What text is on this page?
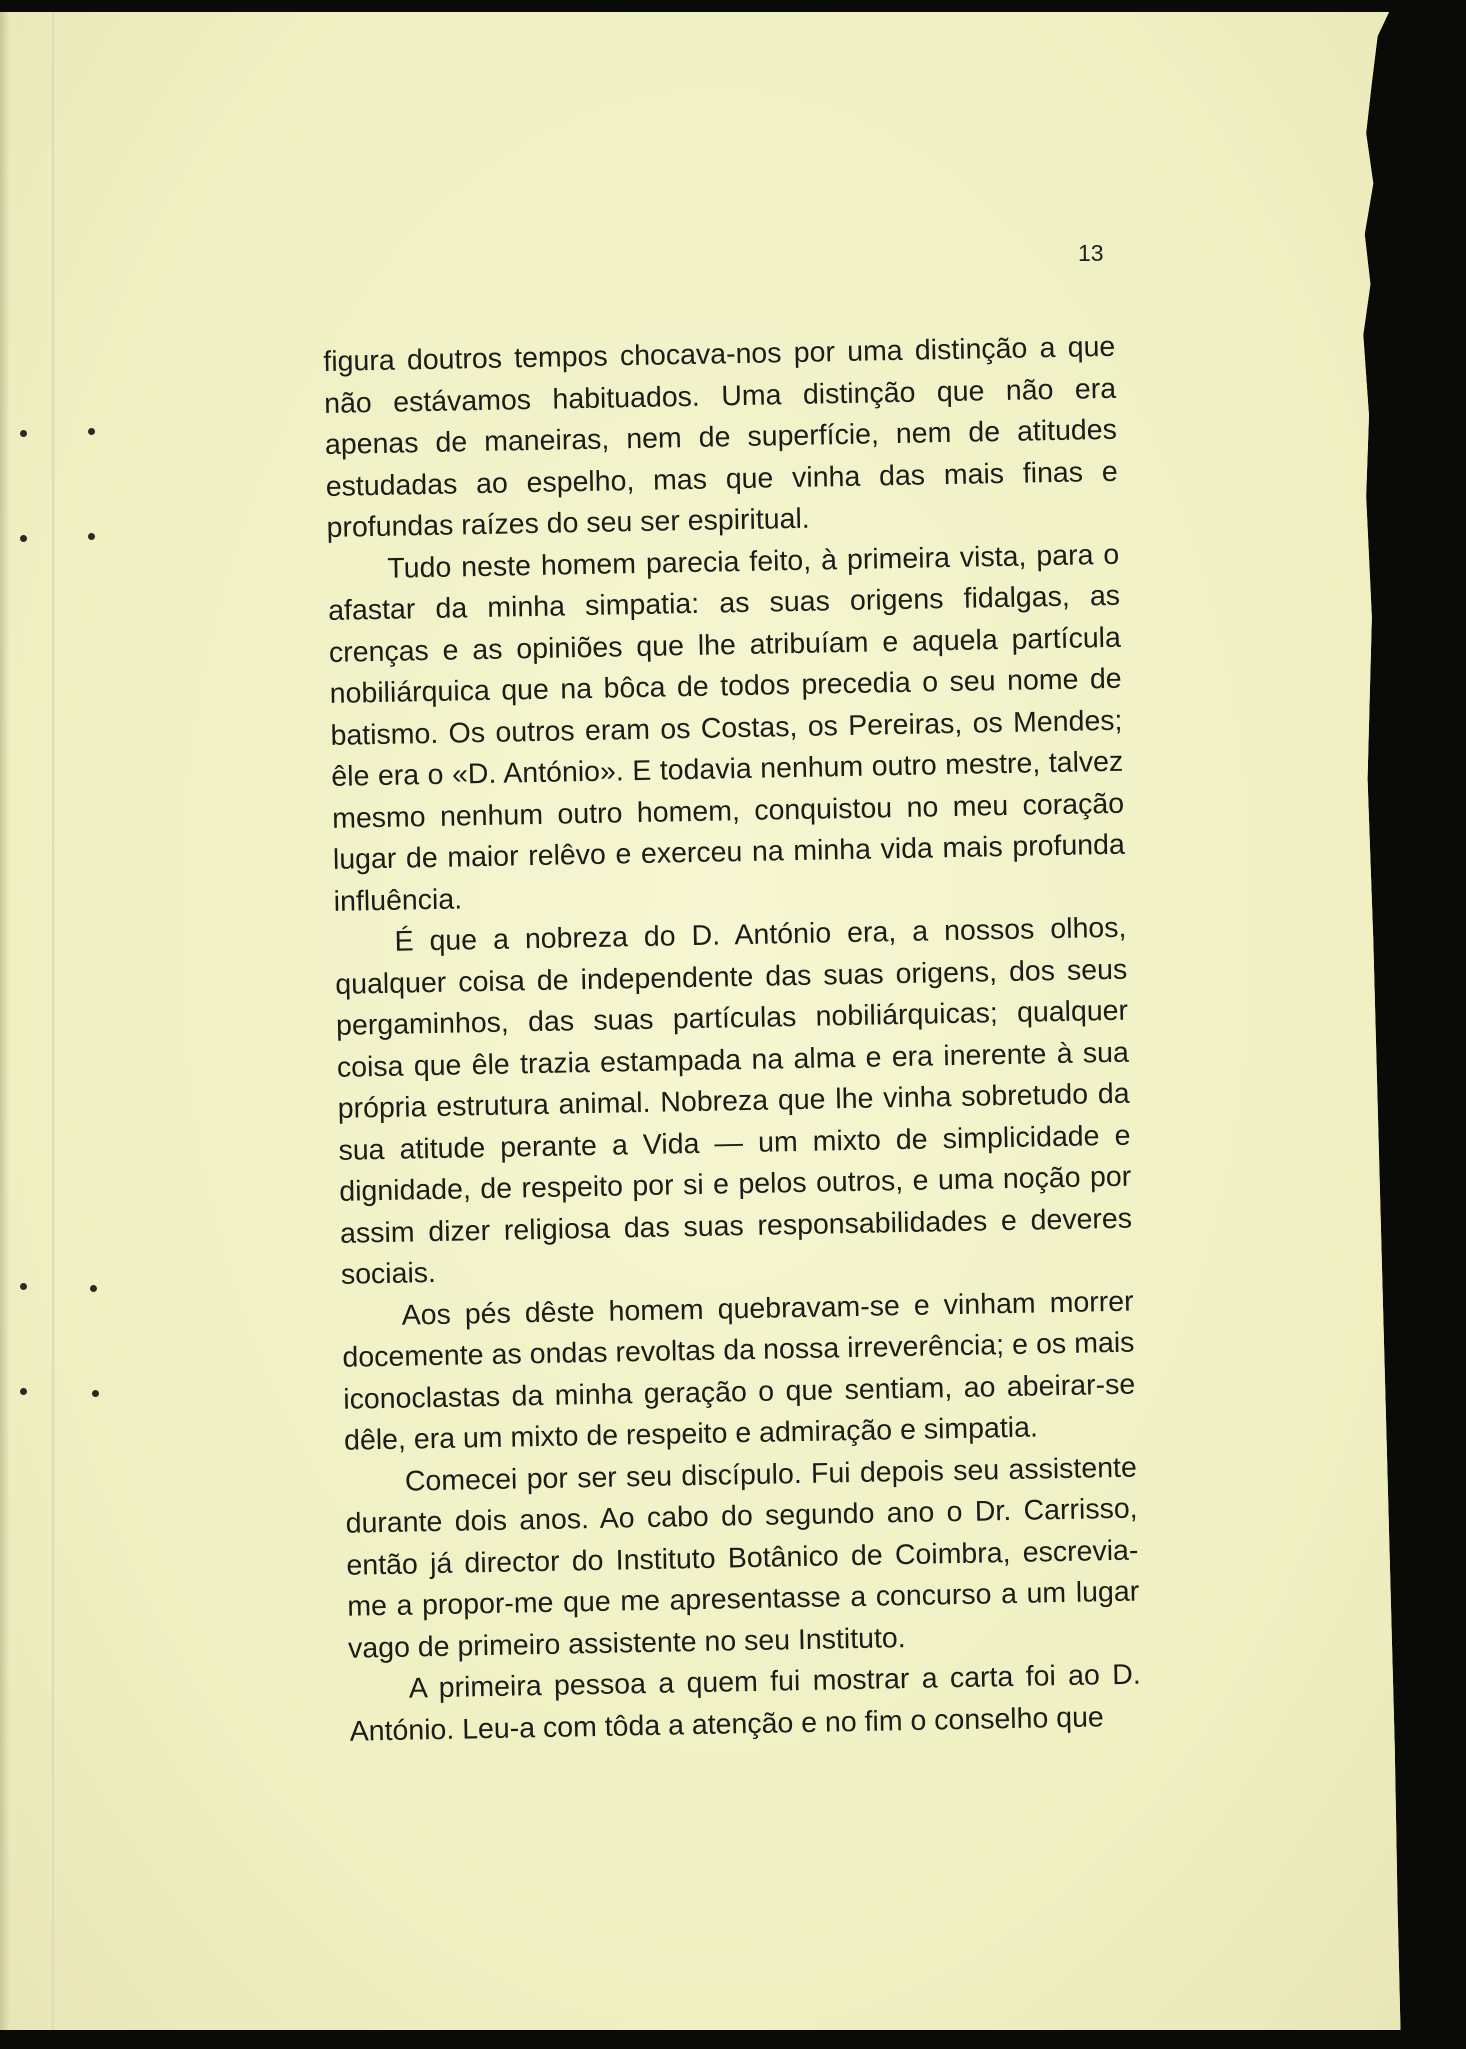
13

figura doutros tempos chocava-nos por uma distinção a que não estávamos habituados. Uma distinção que não era apenas de maneiras, nem de superfície, nem de atitudes estudadas ao espelho, mas que vinha das mais finas e profundas raízes do seu ser espiritual.

Tudo neste homem parecia feito, à primeira vista, para o afastar da minha simpatia: as suas origens fidalgas, as crenças e as opiniões que lhe atribuíam e aquela partícula nobiliárquica que na bôca de todos precedia o seu nome de batismo. Os outros eram os Costas, os Pereiras, os Mendes; êle era o «D. António». E todavia nenhum outro mestre, talvez mesmo nenhum outro homem, conquistou no meu coração lugar de maior relêvo e exerceu na minha vida mais profunda influência.

É que a nobreza do D. António era, a nossos olhos, qualquer coisa de independente das suas origens, dos seus pergaminhos, das suas partículas nobiliárquicas; qualquer coisa que êle trazia estampada na alma e era inerente à sua própria estrutura animal. Nobreza que lhe vinha sobretudo da sua atitude perante a Vida — um mixto de simplicidade e dignidade, de respeito por si e pelos outros, e uma noção por assim dizer religiosa das suas responsabilidades e deveres sociais.

Aos pés dêste homem quebravam-se e vinham morrer docemente as ondas revoltas da nossa irreverência; e os mais iconoclastas da minha geração o que sentiam, ao abeirar-se dêle, era um mixto de respeito e admiração e simpatia.

Comecei por ser seu discípulo. Fui depois seu assistente durante dois anos. Ao cabo do segundo ano o Dr. Carrisso, então já director do Instituto Botânico de Coimbra, escrevia-me a propor-me que me apresentasse a concurso a um lugar vago de primeiro assistente no seu Instituto.

A primeira pessoa a quem fui mostrar a carta foi ao D. António. Leu-a com tôda a atenção e no fim o conselho que
